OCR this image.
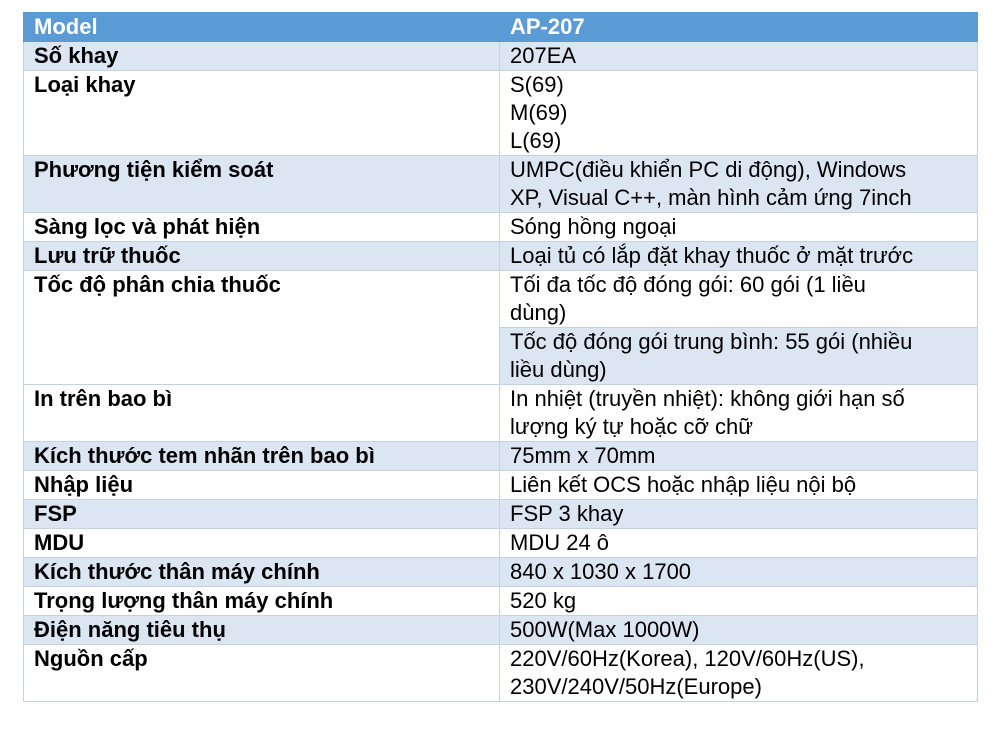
Model	AP-207
Số khay	207EA
Loại khay	S(69)
M(69)
L(69)

Phương tiện kiểm soát	UMPC(điều khiển PC di động), Windows
XP, Visual C++, màn hình cảm ứng 7inch

Sàng lọc và phát hiện	Sóng hồng ngoại
Lưu trữ thuốc	Loại tủ có lắp đặt khay thuốc ở mặt trước
Tốc độ phân chia thuốc	Tối đa tốc độ đóng gói: 60 gói (1 liều
dùng)

	Tốc độ đóng gói trung bình: 55 gói (nhiều
liều dùng)

In trên bao bì	In nhiệt (truyền nhiệt): không giới hạn số
lượng ký tự hoặc cỡ chữ

Kích thước tem nhãn trên bao bì	75mm x 70mm
Nhập liệu	Liên kết OCS hoặc nhập liệu nội bộ
FSP	FSP 3 khay
MDU	MDU 24 ô
Kích thước thân máy chính	840 x 1030 x 1700
Trọng lượng thân máy chính	520 kg
Điện năng tiêu thụ	500W(Max 1000W)
Nguồn cấp	220V/60Hz(Korea), 120V/60Hz(US),
230V/240V/50Hz(Europe)
